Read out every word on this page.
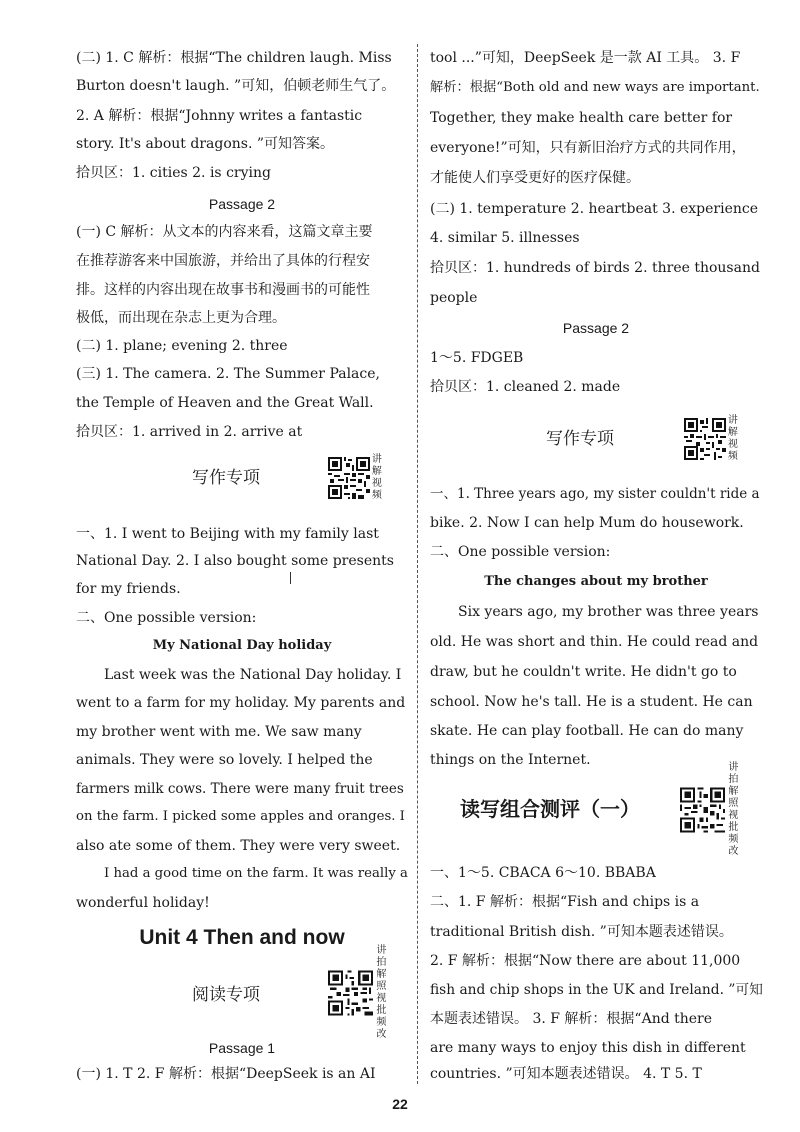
(二) 1. C 解析：根据“The children laugh. Miss
Burton doesn't laugh. ”可知，伯顿老师生气了。
2. A 解析：根据“Johnny writes a fantastic
story. It's about dragons. ”可知答案。
拾贝区：1. cities 2. is crying
Passage 2
(一) C 解析：从文本的内容来看，这篇文章主要
在推荐游客来中国旅游，并给出了具体的行程安
排。这样的内容出现在故事书和漫画书的可能性
极低，而出现在杂志上更为合理。
(二) 1. plane; evening 2. three
(三) 1. The camera. 2. The Summer Palace,
the Temple of Heaven and the Great Wall.
拾贝区：1. arrived in 2. arrive at
写作专项
讲解视频
一、1. I went to Beijing with my family last
National Day. 2. I also bought some presents
for my friends.
二、One possible version:
My National Day holiday
Last week was the National Day holiday. I
went to a farm for my holiday. My parents and
my brother went with me. We saw many
animals. They were so lovely. I helped the
farmers milk cows. There were many fruit trees
on the farm. I picked some apples and oranges. I
also ate some of them. They were very sweet.
I had a good time on the farm. It was really a
wonderful holiday!
Unit 4 Then and now
阅读专项
讲
拍
解
照
视
批
频
改
Passage 1
(一) 1. T 2. F 解析：根据“DeepSeek is an AI
tool ...”可知，DeepSeek 是一款 AI 工具。 3. F
解析：根据“Both old and new ways are important.
Together, they make health care better for
everyone!”可知，只有新旧治疗方式的共同作用，
才能使人们享受更好的医疗保健。
(二) 1. temperature 2. heartbeat 3. experience
4. similar 5. illnesses
拾贝区：1. hundreds of birds 2. three thousand
people
Passage 2
1～5. FDGEB
拾贝区：1. cleaned 2. made
写作专项
讲解视频
一、1. Three years ago, my sister couldn't ride a
bike. 2. Now I can help Mum do housework.
二、One possible version:
The changes about my brother
Six years ago, my brother was three years
old. He was short and thin. He could read and
draw, but he couldn't write. He didn't go to
school. Now he's tall. He is a student. He can
skate. He can play football. He can do many
things on the Internet.
读写组合测评（一）
讲
拍
解
照
视
批
频
改
一、1～5. CBACA 6～10. BBABA
二、1. F 解析：根据“Fish and chips is a
traditional British dish. ”可知本题表述错误。
2. F 解析：根据“Now there are about 11,000
fish and chip shops in the UK and Ireland. ”可知
本题表述错误。 3. F 解析：根据“And there
are many ways to enjoy this dish in different
countries. ”可知本题表述错误。 4. T 5. T
22
